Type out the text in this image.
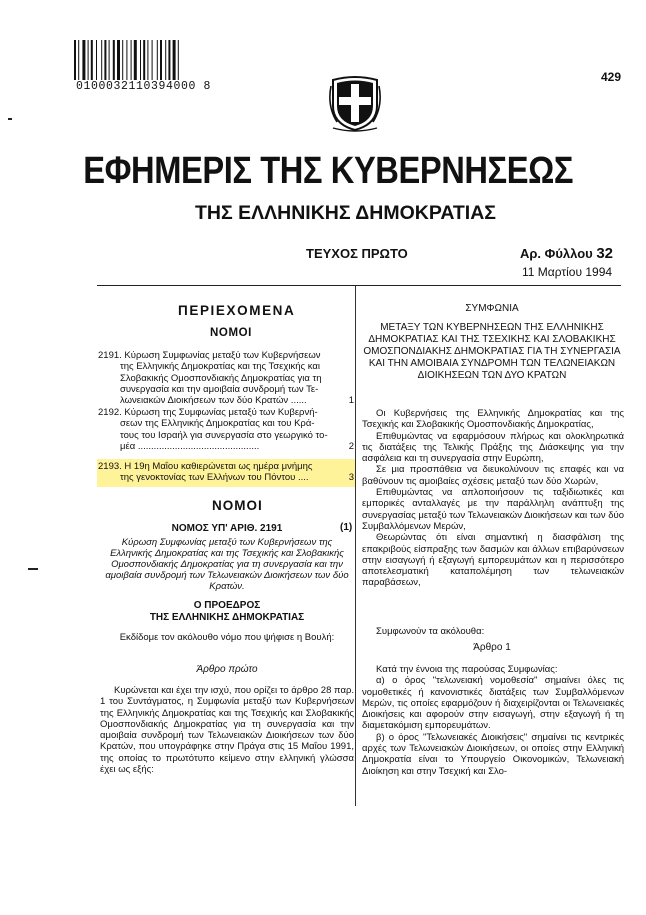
0100032110394000 8
429
ΕΦΗΜΕΡΙΣ ΤΗΣ ΚΥΒΕΡΝΗΣΕΩΣ
ΤΗΣ ΕΛΛΗΝΙΚΗΣ ΔΗΜΟΚΡΑΤΙΑΣ
ΤΕΥΧΟΣ ΠΡΩΤΟ	Αρ. Φύλλου 32
11 Μαρτίου 1994
ΠΕΡΙΕΧΟΜΕΝΑ
ΝΟΜΟΙ
2191. Κύρωση Συμφωνίας μεταξύ των Κυβερνήσεων
της Ελληνικής Δημοκρατίας και της Τσεχικής και
Σλοβακικής Ομοσπονδιακής Δημοκρατίας για τη
συνεργασία και την αμοιβαία συνδρομή των Τε-
λωνειακών Διοικήσεων των δύο Κρατών ......	1
2192. Κύρωση της Συμφωνίας μεταξύ των Κυβερνή-
σεων της Ελληνικής Δημοκρατίας και του Κρά-
τους του Ισραήλ για συνεργασία στο γεωργικό το-
μέα ..............................................	2
2193. Η 19η Μαΐου καθιερώνεται ως ημέρα μνήμης
της γενοκτονίας των Ελλήνων του Πόντου ....	3
ΝΟΜΟΙ
(1)
ΝΟΜΟΣ ΥΠ' ΑΡΙΘ. 2191
Κύρωση Συμφωνίας μεταξύ των Κυβερνήσεων της Ελληνικής Δημοκρατίας και της Τσεχικής και Σλοβακικής Ομοσπονδιακής Δημοκρατίας για τη συνεργασία και την αμοιβαία συνδρομή των Τελωνειακών Διοικήσεων των δύο Κρατών.
Ο ΠΡΟΕΔΡΟΣ
ΤΗΣ ΕΛΛΗΝΙΚΗΣ ΔΗΜΟΚΡΑΤΙΑΣ
Εκδίδομε τον ακόλουθο νόμο που ψήφισε η Βουλή:
Άρθρο πρώτο
Κυρώνεται και έχει την ισχύ, που ορίζει το άρθρο 28 παρ. 1 του Συντάγματος, η Συμφωνία μεταξύ των Κυβερνήσεων της Ελληνικής Δημοκρατίας και της Τσεχικής και Σλοβακικής Ομοσπονδιακής Δημοκρατίας για τη συνεργασία και την αμοιβαία συνδρομή των Τελωνειακών Διοικήσεων των δύο Κρατών, που υπογράφηκε στην Πράγα στις 15 Μαΐου 1991, της οποίας το πρωτότυπο κείμενο στην ελληνική γλώσσα έχει ως εξής:
ΣΥΜΦΩΝΙΑ
ΜΕΤΑΞΥ ΤΩΝ ΚΥΒΕΡΝΗΣΕΩΝ ΤΗΣ ΕΛΛΗΝΙΚΗΣ ΔΗΜΟΚΡΑΤΙΑΣ ΚΑΙ ΤΗΣ ΤΣΕΧΙΚΗΣ ΚΑΙ ΣΛΟΒΑΚΙΚΗΣ ΟΜΟΣΠΟΝΔΙΑΚΗΣ ΔΗΜΟΚΡΑΤΙΑΣ ΓΙΑ ΤΗ ΣΥΝΕΡΓΑΣΙΑ ΚΑΙ ΤΗΝ ΑΜΟΙΒΑΙΑ ΣΥΝΔΡΟΜΗ ΤΩΝ ΤΕΛΩΝΕΙΑΚΩΝ ΔΙΟΙΚΗΣΕΩΝ ΤΩΝ ΔΥΟ ΚΡΑΤΩΝ

Οι Κυβερνήσεις της Ελληνικής Δημοκρατίας και της Τσεχικής και Σλοβακικής Ομοσπονδιακής Δημοκρατίας,

Επιθυμώντας να εφαρμόσουν πλήρως και ολοκληρωτικά τις διατάξεις της Τελικής Πράξης της Διάσκεψης για την ασφάλεια και τη συνεργασία στην Ευρώπη,

Σε μια προσπάθεια να διευκολύνουν τις επαφές και να βαθύνουν τις αμοιβαίες σχέσεις μεταξύ των δύο Χωρών,

Επιθυμώντας να απλοποιήσουν τις ταξιδιωτικές και εμπορικές ανταλλαγές με την παράλληλη ανάπτυξη της συνεργασίας μεταξύ των Τελωνειακών Διοικήσεων και των δύο Συμβαλλόμενων Μερών,

Θεωρώντας ότι είναι σημαντική η διασφάλιση της επακριβούς είσπραξης των δασμών και άλλων επιβαρύνσεων στην εισαγωγή ή εξαγωγή εμπορευμάτων και η περισσότερο αποτελεσματική καταπολέμηση των τελωνειακών παραβάσεων,

Συμφωνούν τα ακόλουθα:

Άρθρο 1

Κατά την έννοια της παρούσας Συμφωνίας:

α) ο όρος "τελωνειακή νομοθεσία" σημαίνει όλες τις νομοθετικές ή κανονιστικές διατάξεις των Συμβαλλόμενων Μερών, τις οποίες εφαρμόζουν ή διαχειρίζονται οι Τελωνειακές Διοικήσεις και αφορούν στην εισαγωγή, στην εξαγωγή ή τη διαμετακόμιση εμπορευμάτων.

β) ο όρος "Τελωνειακές Διοικήσεις" σημαίνει τις κεντρικές αρχές των Τελωνειακών Διοικήσεων, οι οποίες στην Ελληνική Δημοκρατία είναι το Υπουργείο Οικονομικών, Τελωνειακή Διοίκηση και στην Τσεχική και Σλο-
